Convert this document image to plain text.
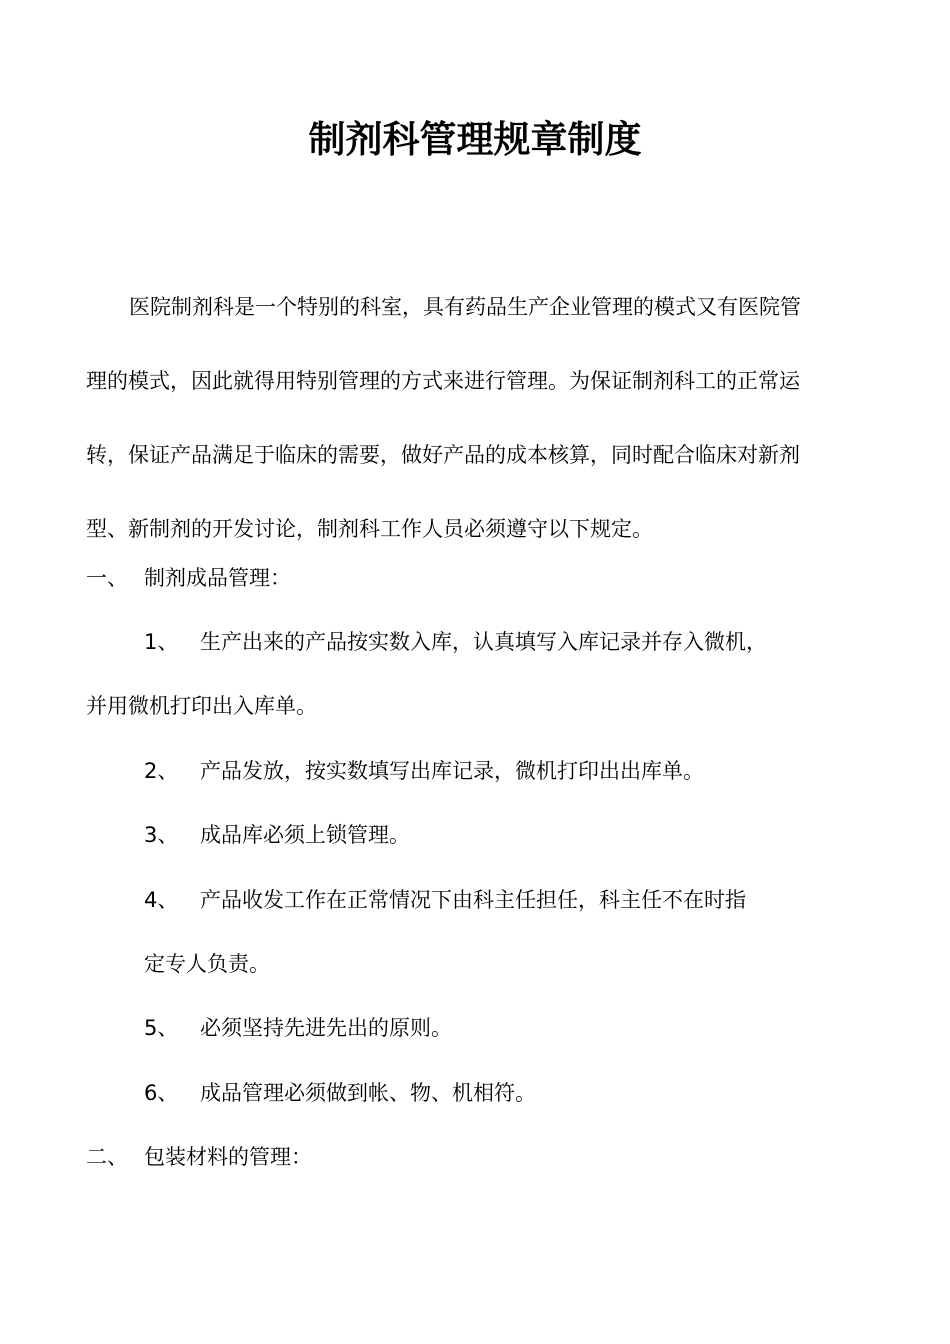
制剂科管理规章制度
医院制剂科是一个特别的科室，具有药品生产企业管理的模式又有医院管
理的模式，因此就得用特别管理的方式来进行管理。为保证制剂科工的正常运
转，保证产品满足于临床的需要，做好产品的成本核算，同时配合临床对新剂
型、新制剂的开发讨论，制剂科工作人员必须遵守以下规定。
一、 制剂成品管理：
1、 生产出来的产品按实数入库，认真填写入库记录并存入微机，
并用微机打印出入库单。
2、 产品发放，按实数填写出库记录，微机打印出出库单。
3、 成品库必须上锁管理。
4、 产品收发工作在正常情况下由科主任担任，科主任不在时指
定专人负责。
5、 必须坚持先进先出的原则。
6、 成品管理必须做到帐、物、机相符。
二、 包装材料的管理：
